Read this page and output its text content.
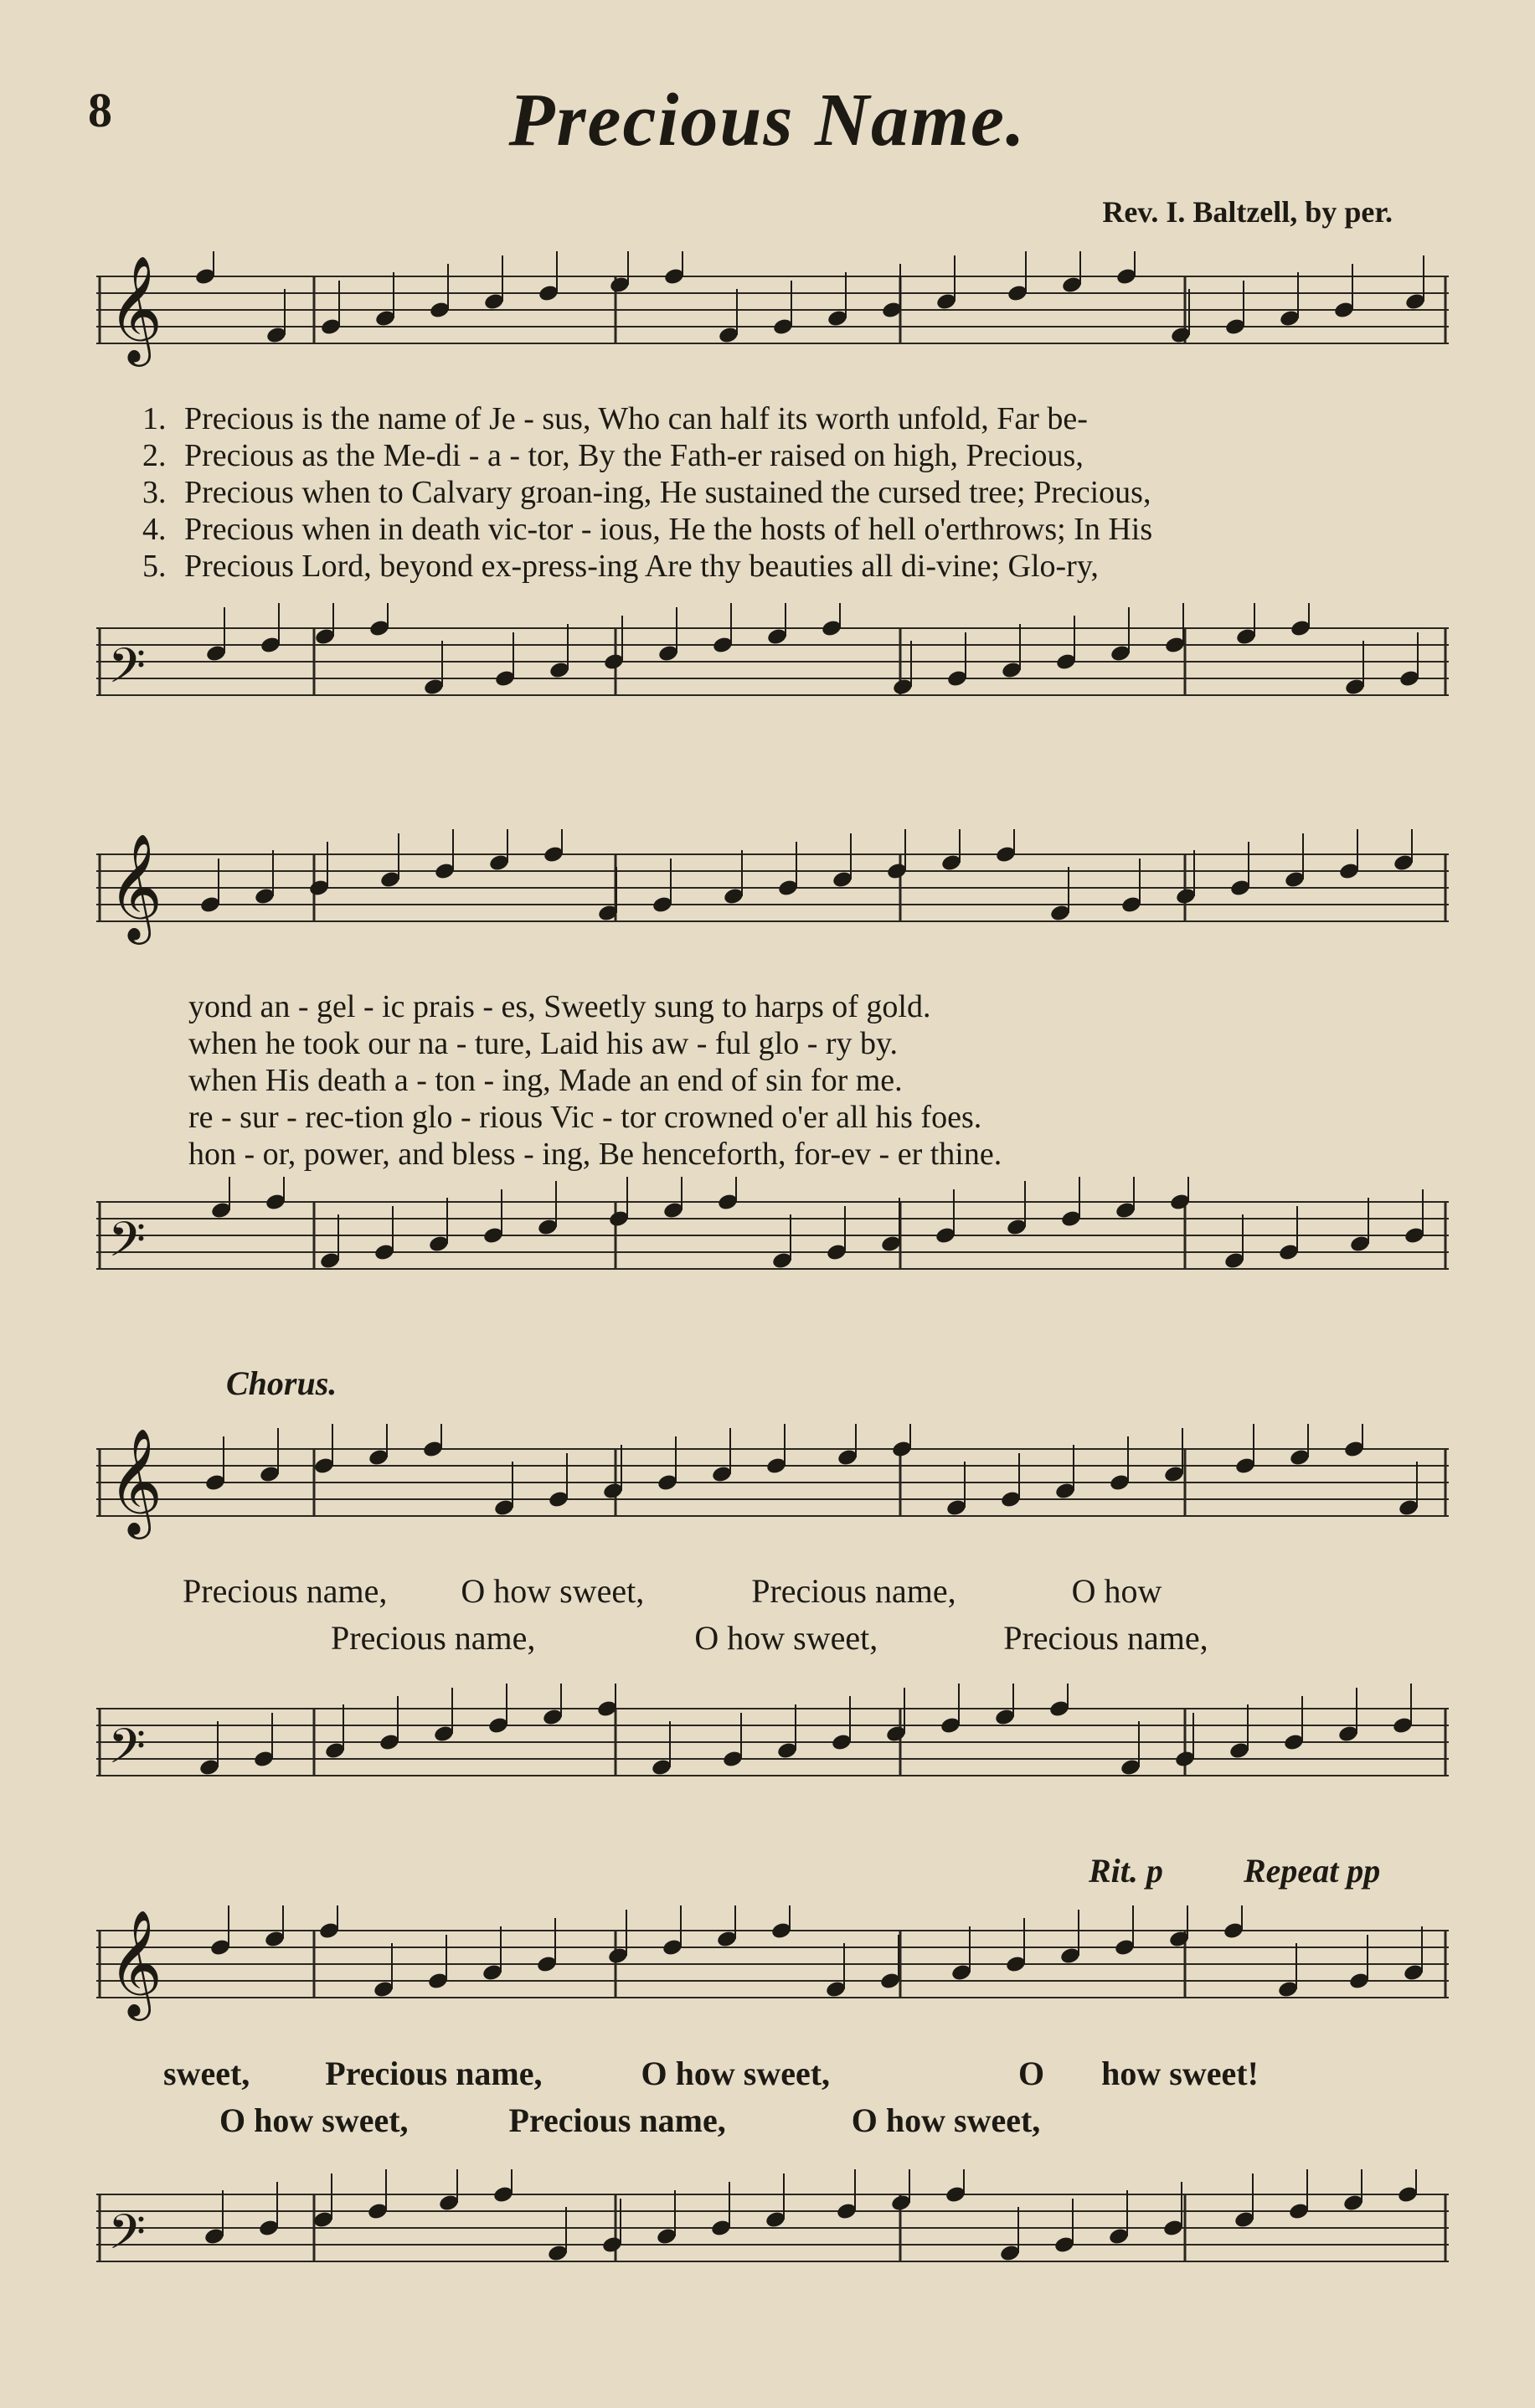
8	Precious Name.
Rev. I. Baltzell, by per.
𝄞
𝄢
1. Precious is the name of Je - sus, Who can half its worth unfold, Far be-
2. Precious as the Me-di - a - tor, By the Fath-er raised on high, Precious,
3. Precious when to Calvary groan-ing, He sustained the cursed tree; Precious,
4. Precious when in death vic-tor - ious, He the hosts of hell o'erthrows; In His
5. Precious Lord, beyond ex-press-ing Are thy beauties all di-vine; Glo-ry,
𝄞
𝄢
yond an - gel - ic prais - es, Sweetly sung to harps of gold.
when he took our na - ture, Laid his aw - ful glo - ry by.
when His death a - ton - ing, Made an end of sin for me.
re - sur - rec-tion glo - rious Vic - tor crowned o'er all his foes.
hon - or, power, and bless - ing, Be henceforth, for-ev - er thine.
Chorus.
𝄞
Precious name, O how sweet,	Precious name,	O how
Precious name,	O how sweet,	Precious name,
𝄢
Rit. p Repeat pp
𝄞
sweet, Precious name,	O how sweet,	O how sweet!
O how sweet,	Precious name,	O how sweet,
𝄢
